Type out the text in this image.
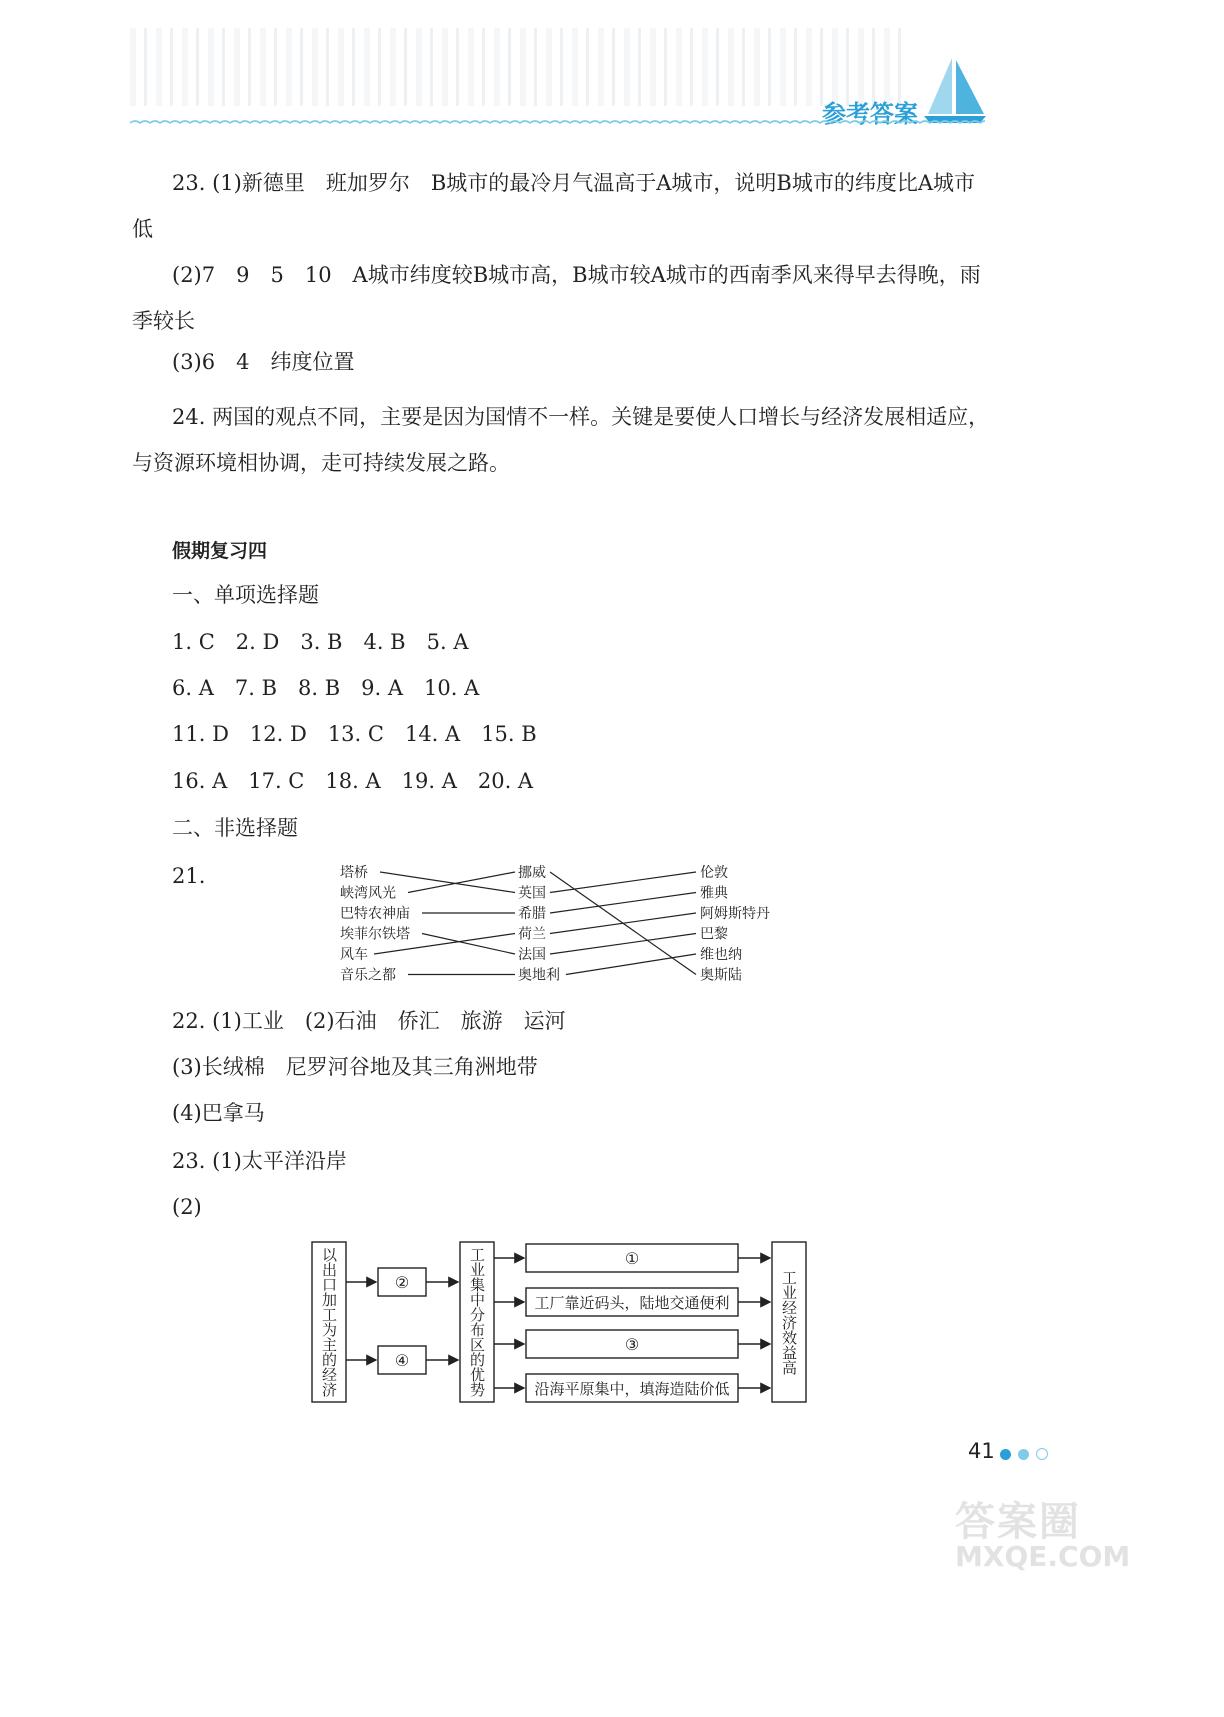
参考答案
23. (1)新德里　班加罗尔　B城市的最冷月气温高于A城市，说明B城市的纬度比A城市低
(2)7　9　5　10　A城市纬度较B城市高，B城市较A城市的西南季风来得早去得晚，雨季较长
(3)6　4　纬度位置
24. 两国的观点不同，主要是因为国情不一样。关键是要使人口增长与经济发展相适应，与资源环境相协调，走可持续发展之路。
假期复习四
一、单项选择题
1. C　2. D　3. B　4. B　5. A
6. A　7. B　8. B　9. A　10. A
11. D　12. D　13. C　14. A　15. B
16. A　17. C　18. A　19. A　20. A
二、非选择题
21.	塔桥
峡湾风光
巴特农神庙
埃菲尔铁塔
风车
音乐之都
挪威
英国
希腊
荷兰
法国
奥地利
伦敦
雅典
阿姆斯特丹
巴黎
维也纳
奥斯陆
22. (1)工业　(2)石油　侨汇　旅游　运河
(3)长绒棉　尼罗河谷地及其三角洲地带
(4)巴拿马
23. (1)太平洋沿岸
(2)
以出口加工为主的经济	②
④	工业集中分布区的优势	①
工厂靠近码头，陆地交通便利
③
沿海平原集中，填海造陆价低
工业经济效益高
41

答案圈
MXQE.COM
